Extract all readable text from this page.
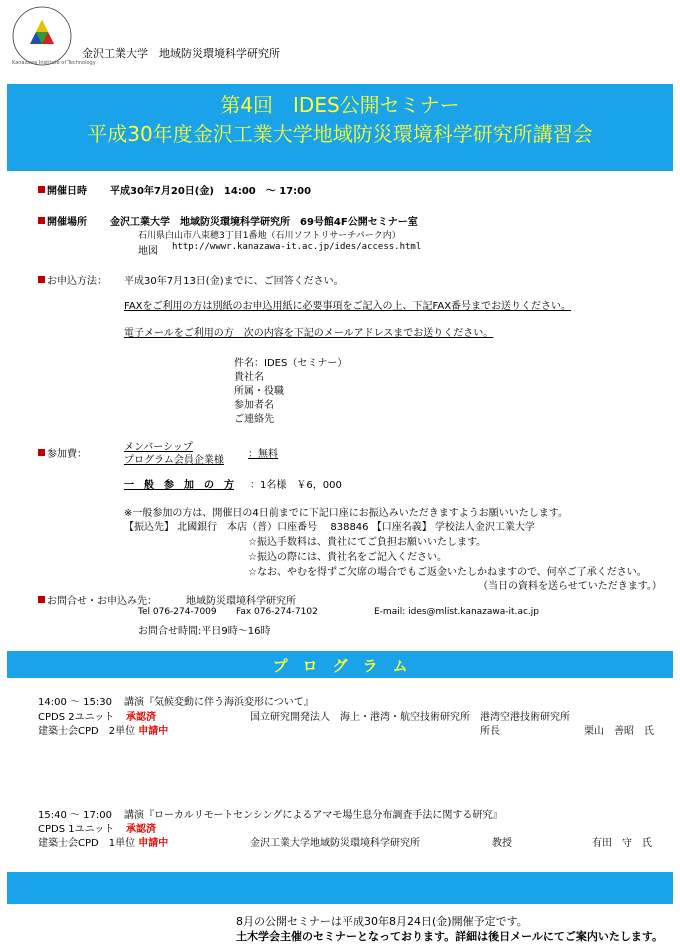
Kanazawa Institute of Technology
金沢工業大学　地域防災環境科学研究所
第4回　IDES公開セミナー
平成30年度金沢工業大学地域防災環境科学研究所講習会
開催日時 平成30年7月20日(金)　14:00　～ 17:00
開催場所 金沢工業大学　地域防災環境科学研究所　69号館4F公開セミナー室
石川県白山市八束穂3丁目1番地（石川ソフトリサーチパーク内）
地図 http://wwwr.kanazawa-it.ac.jp/ides/access.html
お申込方法： 平成30年7月13日(金)までに、ご回答ください。
FAXをご利用の方は別紙のお申込用紙に必要事項をご記入の上、下記FAX番号までお送りください。
電子メールをご利用の方　次の内容を下記のメールアドレスまでお送りください。
件名：IDES（セミナー）
貴社名
所属・役職
参加者名
ご連絡先
参加費：
メンバーシップ
プログラム会員企業様
：無料
一　般　参　加　の　方 ：1名様　￥6，000
※一般参加の方は、開催日の4日前までに下記口座にお振込みいただきますようお願いいたします。
【振込先】 北國銀行　本店（普）口座番号　 838846 【口座名義】 学校法人金沢工業大学
☆振込手数料は、貴社にてご負担お願いいたします。
☆振込の際には、貴社名をご記入ください。
☆なお、やむを得ずご欠席の場合でもご返金いたしかねますので、何卒ご了承ください。
（当日の資料を送らせていただきます。）
お問合せ・お申込み先：	地域防災環境科学研究所
Tel 076-274-7009 Fax 076-274-7102	E-mail: ides@mlist.kanazawa-it.ac.jp
お問合せ時間:平日9時～16時
プ　ロ　グ　ラ　ム
14:00 ～ 15:30 講演『気候変動に伴う海浜変形について』
CPDS 2ユニット 承認済	国立研究開発法人　海上・港湾・航空技術研究所　港湾空港技術研究所
建築士会CPD　2単位 申請中	所長	栗山　善昭　氏
15:40 ～ 17:00 講演『ローカルリモートセンシングによるアマモ場生息分布調査手法に関する研究』
CPDS 1ユニット 承認済
建築士会CPD　1単位 申請中	金沢工業大学地域防災環境科学研究所	教授	有田　守　氏
8月の公開セミナーは平成30年8月24日(金)開催予定です。
土木学会主催のセミナーとなっております。詳細は後日メールにてご案内いたします。
